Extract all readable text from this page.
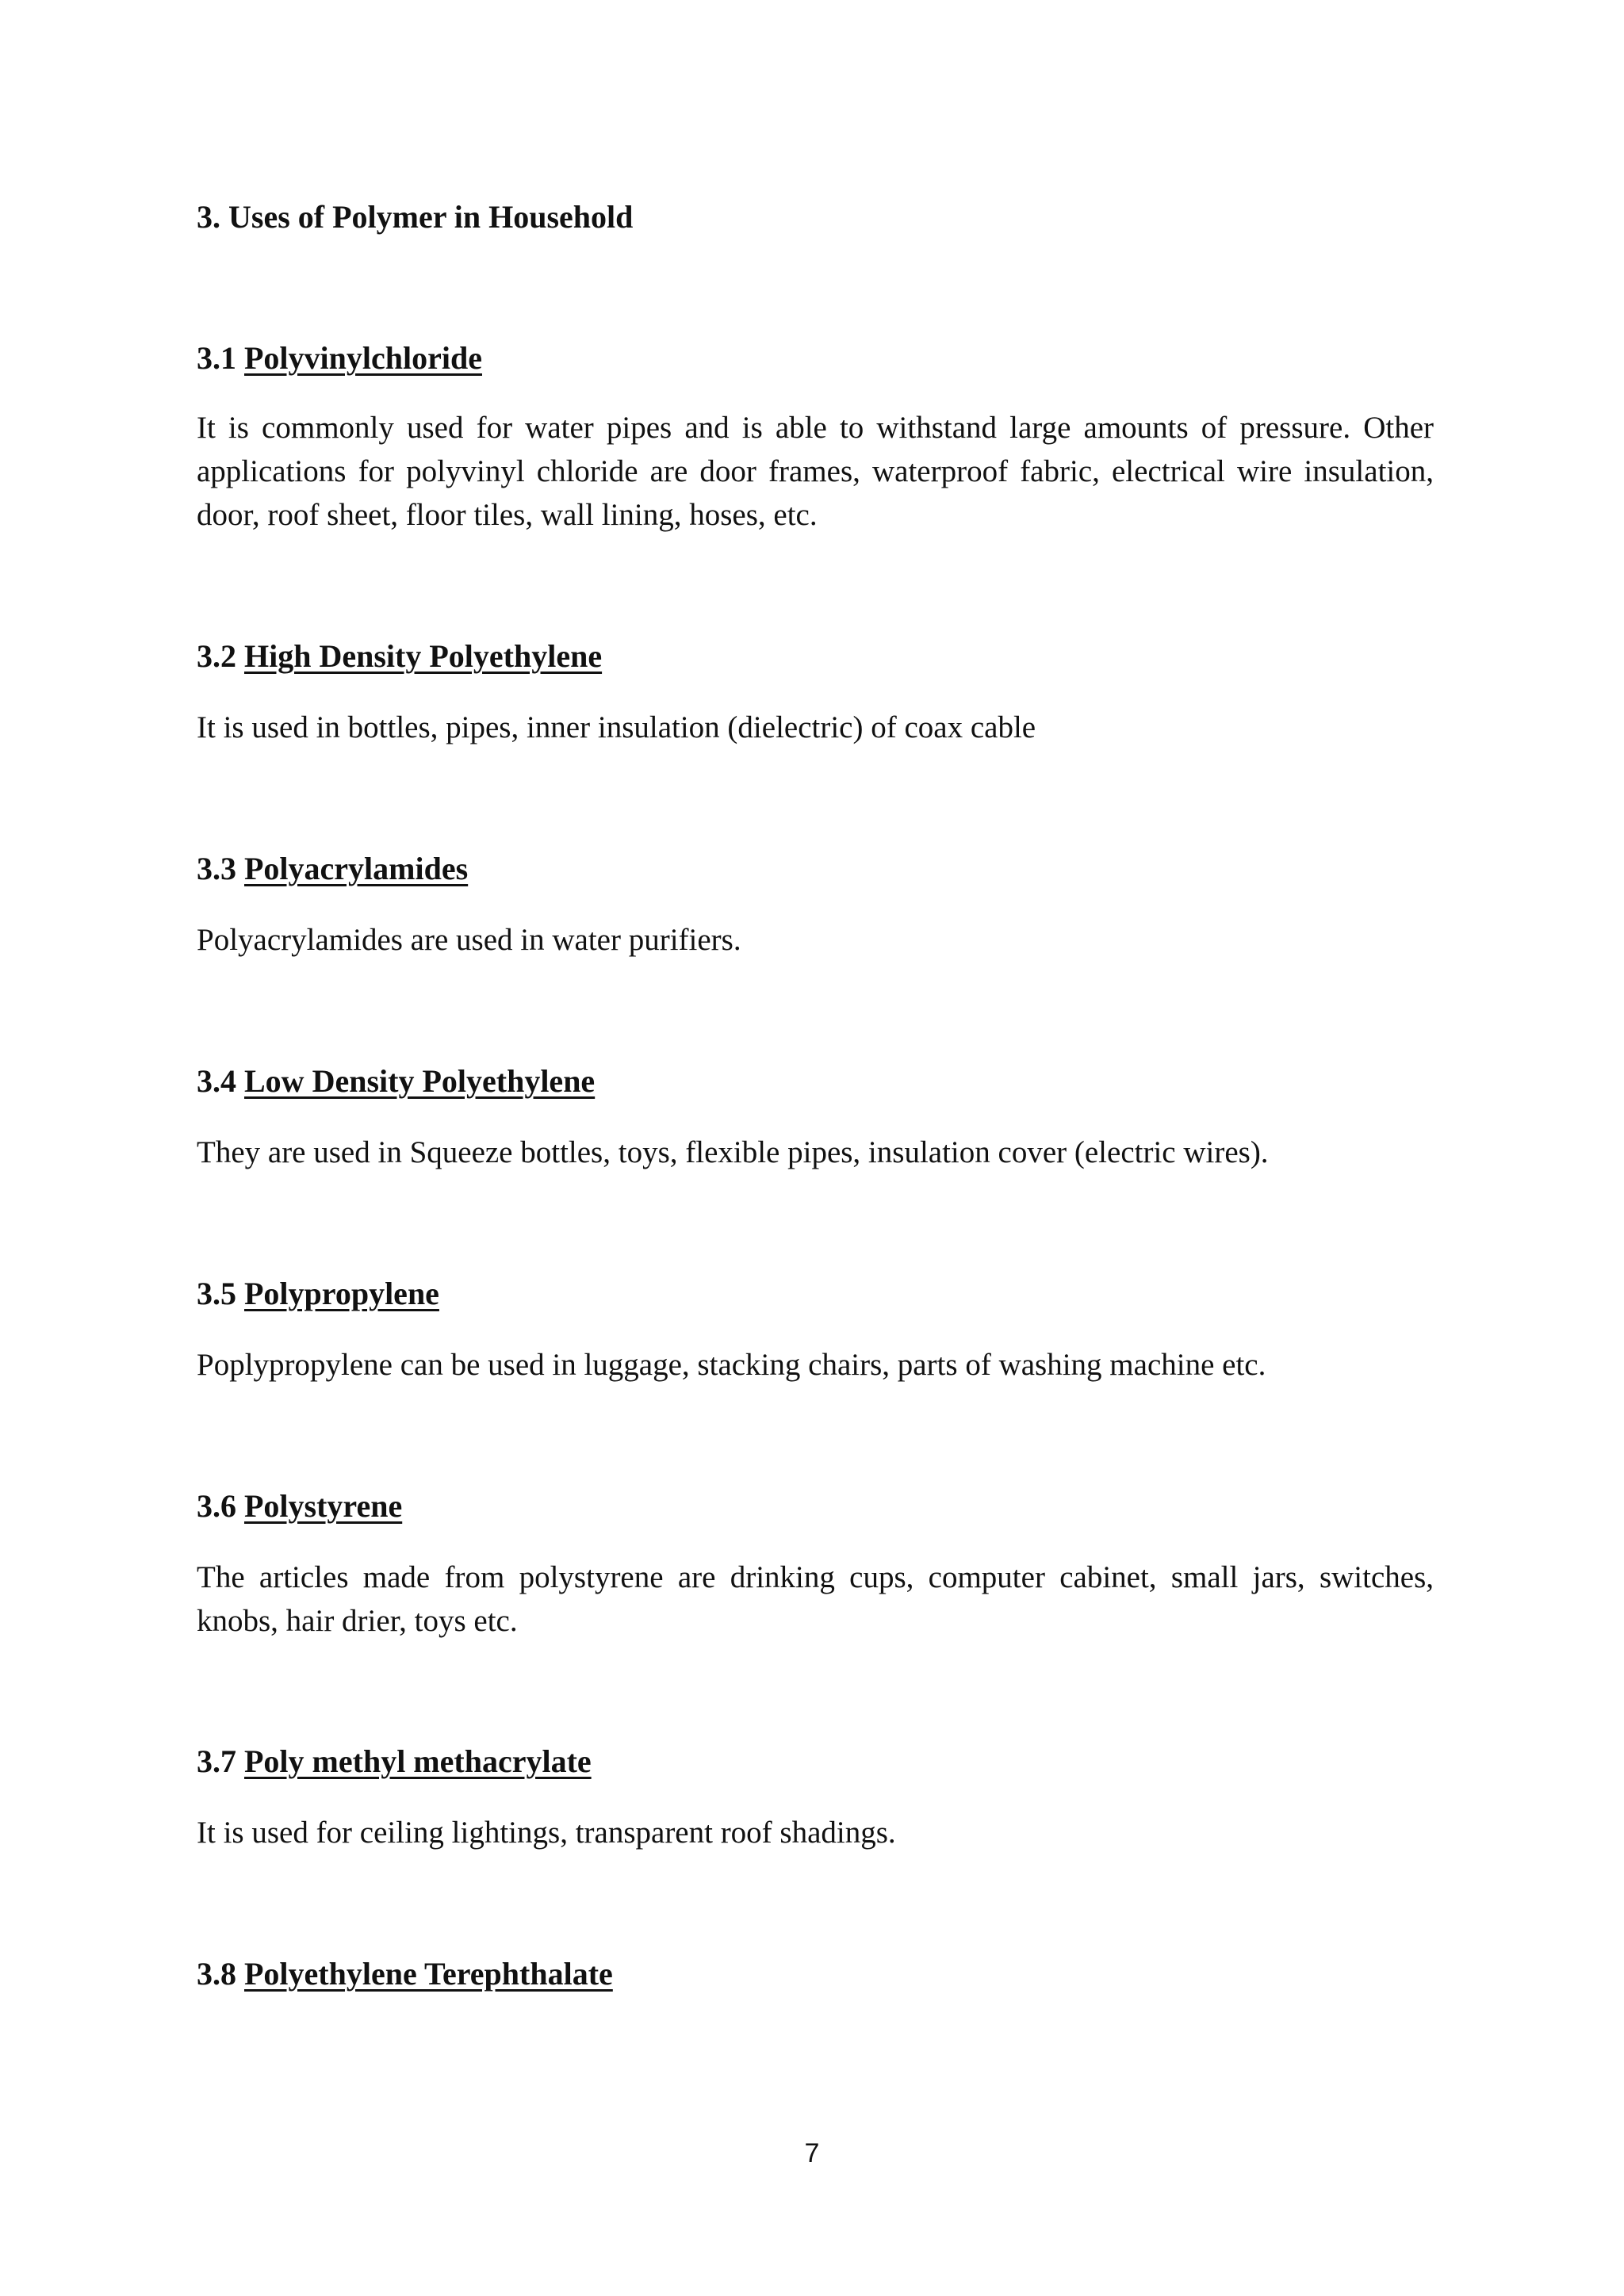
3. Uses of Polymer in Household
3.1 Polyvinylchloride
It is commonly used for water pipes and is able to withstand large amounts of pressure. Other applications for polyvinyl chloride are door frames, waterproof fabric, electrical wire insulation, door, roof sheet, floor tiles, wall lining, hoses, etc.
3.2 High Density Polyethylene
It is used in bottles, pipes, inner insulation (dielectric) of coax cable
3.3 Polyacrylamides
Polyacrylamides are used in water purifiers.
3.4 Low Density Polyethylene
They are used in Squeeze bottles, toys, flexible pipes, insulation cover (electric wires).
3.5 Polypropylene
Poplypropylene can be used in luggage, stacking chairs, parts of washing machine etc.
3.6 Polystyrene
The articles made from polystyrene are drinking cups, computer cabinet, small jars, switches, knobs, hair drier, toys etc.
3.7 Poly methyl methacrylate
It is used for ceiling lightings, transparent roof shadings.
3.8 Polyethylene Terephthalate
7
